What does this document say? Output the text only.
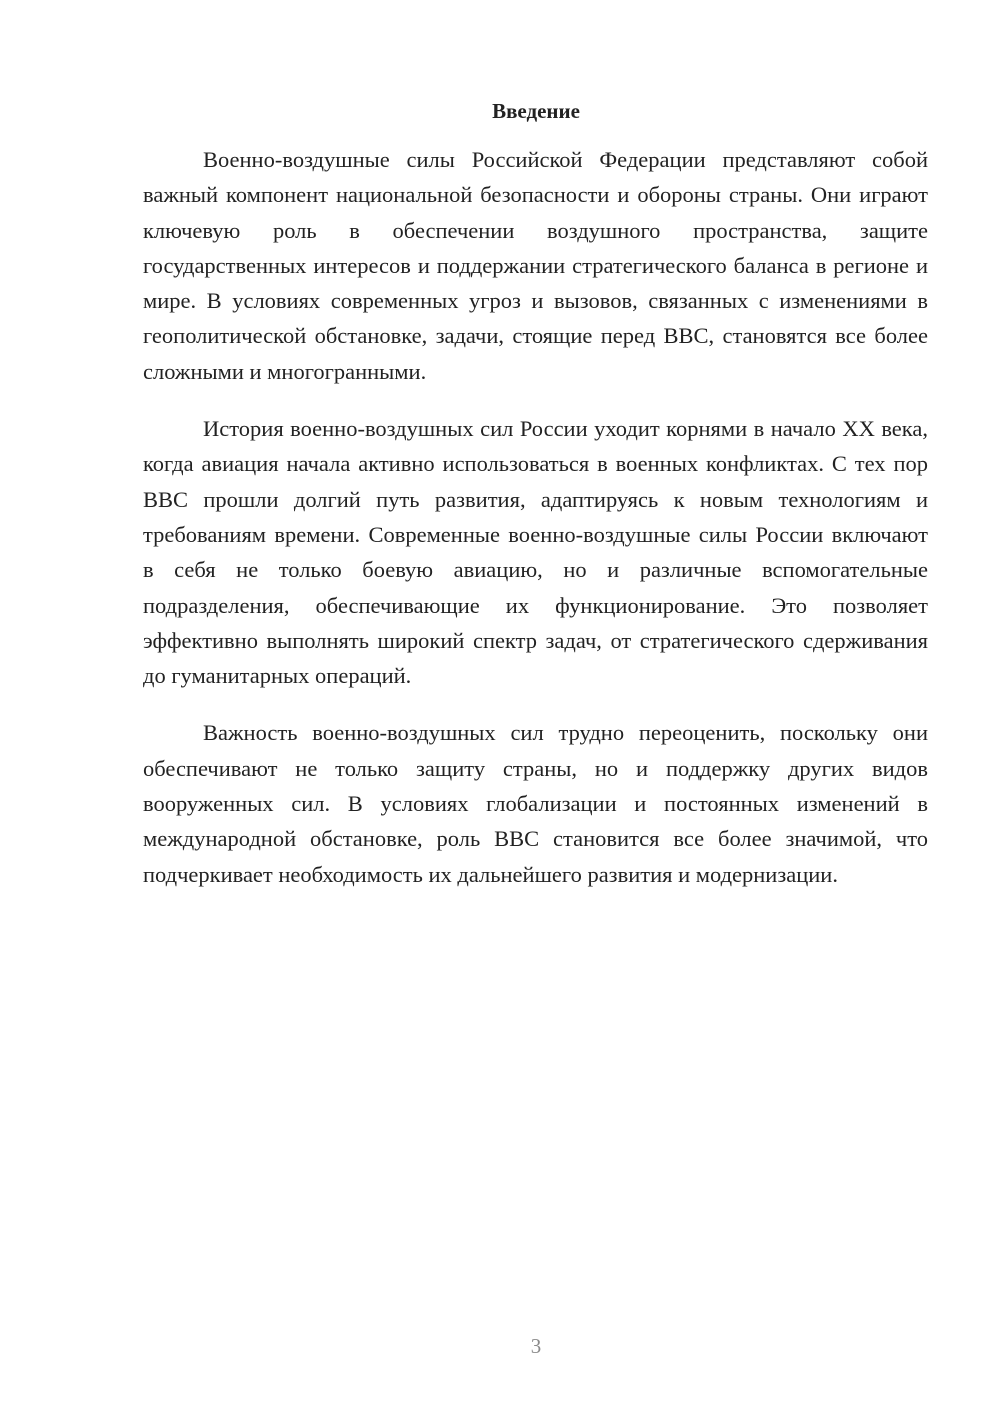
Введение

Военно-воздушные силы Российской Федерации представляют собой важный компонент национальной безопасности и обороны страны. Они играют ключевую роль в обеспечении воздушного пространства, защите государственных интересов и поддержании стратегического баланса в регионе и мире. В условиях современных угроз и вызовов, связанных с изменениями в геополитической обстановке, задачи, стоящие перед ВВС, становятся все более сложными и многогранными.

История военно-воздушных сил России уходит корнями в начало XX века, когда авиация начала активно использоваться в военных конфликтах. С тех пор ВВС прошли долгий путь развития, адаптируясь к новым технологиям и требованиям времени. Современные военно-воздушные силы России включают в себя не только боевую авиацию, но и различные вспомогательные подразделения, обеспечивающие их функционирование. Это позволяет эффективно выполнять широкий спектр задач, от стратегического сдерживания до гуманитарных операций.

Важность военно-воздушных сил трудно переоценить, поскольку они обеспечивают не только защиту страны, но и поддержку других видов вооруженных сил. В условиях глобализации и постоянных изменений в международной обстановке, роль ВВС становится все более значимой, что подчеркивает необходимость их дальнейшего развития и модернизации.

3
